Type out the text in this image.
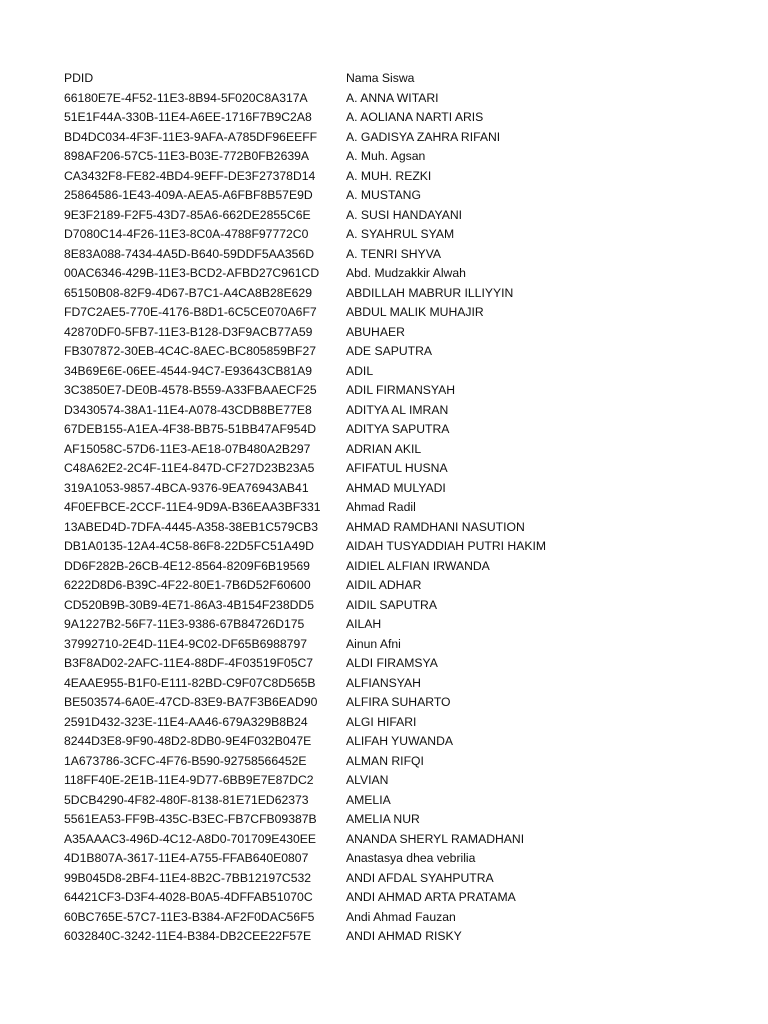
PDID	Nama Siswa
66180E7E-4F52-11E3-8B94-5F020C8A317A	A. ANNA WITARI
51E1F44A-330B-11E4-A6EE-1716F7B9C2A8	A. AOLIANA NARTI ARIS
BD4DC034-4F3F-11E3-9AFA-A785DF96EEFF	A. GADISYA ZAHRA RIFANI
898AF206-57C5-11E3-B03E-772B0FB2639A	A. Muh. Agsan
CA3432F8-FE82-4BD4-9EFF-DE3F27378D14	A. MUH. REZKI
25864586-1E43-409A-AEA5-A6FBF8B57E9D	A. MUSTANG
9E3F2189-F2F5-43D7-85A6-662DE2855C6E	A. SUSI HANDAYANI
D7080C14-4F26-11E3-8C0A-4788F97772C0	A. SYAHRUL SYAM
8E83A088-7434-4A5D-B640-59DDF5AA356D	A. TENRI SHYVA
00AC6346-429B-11E3-BCD2-AFBD27C961CD	Abd. Mudzakkir Alwah
65150B08-82F9-4D67-B7C1-A4CA8B28E629	ABDILLAH MABRUR ILLIYYIN
FD7C2AE5-770E-4176-B8D1-6C5CE070A6F7	ABDUL MALIK MUHAJIR
42870DF0-5FB7-11E3-B128-D3F9ACB77A59	ABUHAER
FB307872-30EB-4C4C-8AEC-BC805859BF27	ADE SAPUTRA
34B69E6E-06EE-4544-94C7-E93643CB81A9	ADIL
3C3850E7-DE0B-4578-B559-A33FBAAECF25	ADIL FIRMANSYAH
D3430574-38A1-11E4-A078-43CDB8BE77E8	ADITYA AL IMRAN
67DEB155-A1EA-4F38-BB75-51BB47AF954D	ADITYA SAPUTRA
AF15058C-57D6-11E3-AE18-07B480A2B297	ADRIAN AKIL
C48A62E2-2C4F-11E4-847D-CF27D23B23A5	AFIFATUL HUSNA
319A1053-9857-4BCA-9376-9EA76943AB41	AHMAD MULYADI
4F0EFBCE-2CCF-11E4-9D9A-B36EAA3BF331	Ahmad Radil
13ABED4D-7DFA-4445-A358-38EB1C579CB3	AHMAD RAMDHANI NASUTION
DB1A0135-12A4-4C58-86F8-22D5FC51A49D	AIDAH TUSYADDIAH PUTRI HAKIM
DD6F282B-26CB-4E12-8564-8209F6B19569	AIDIEL ALFIAN IRWANDA
6222D8D6-B39C-4F22-80E1-7B6D52F60600	AIDIL ADHAR
CD520B9B-30B9-4E71-86A3-4B154F238DD5	AIDIL SAPUTRA
9A1227B2-56F7-11E3-9386-67B84726D175	AILAH
37992710-2E4D-11E4-9C02-DF65B6988797	Ainun Afni
B3F8AD02-2AFC-11E4-88DF-4F03519F05C7	ALDI FIRAMSYA
4EAAE955-B1F0-E111-82BD-C9F07C8D565B	ALFIANSYAH
BE503574-6A0E-47CD-83E9-BA7F3B6EAD90	ALFIRA SUHARTO
2591D432-323E-11E4-AA46-679A329B8B24	ALGI HIFARI
8244D3E8-9F90-48D2-8DB0-9E4F032B047E	ALIFAH YUWANDA
1A673786-3CFC-4F76-B590-92758566452E	ALMAN RIFQI
118FF40E-2E1B-11E4-9D77-6BB9E7E87DC2	ALVIAN
5DCB4290-4F82-480F-8138-81E71ED62373	AMELIA
5561EA53-FF9B-435C-B3EC-FB7CFB09387B	AMELIA NUR
A35AAAC3-496D-4C12-A8D0-701709E430EE	ANANDA SHERYL RAMADHANI
4D1B807A-3617-11E4-A755-FFAB640E0807	Anastasya dhea vebrilia
99B045D8-2BF4-11E4-8B2C-7BB12197C532	ANDI AFDAL SYAHPUTRA
64421CF3-D3F4-4028-B0A5-4DFFAB51070C	ANDI AHMAD ARTA PRATAMA
60BC765E-57C7-11E3-B384-AF2F0DAC56F5	Andi Ahmad Fauzan
6032840C-3242-11E4-B384-DB2CEE22F57E	ANDI AHMAD RISKY
